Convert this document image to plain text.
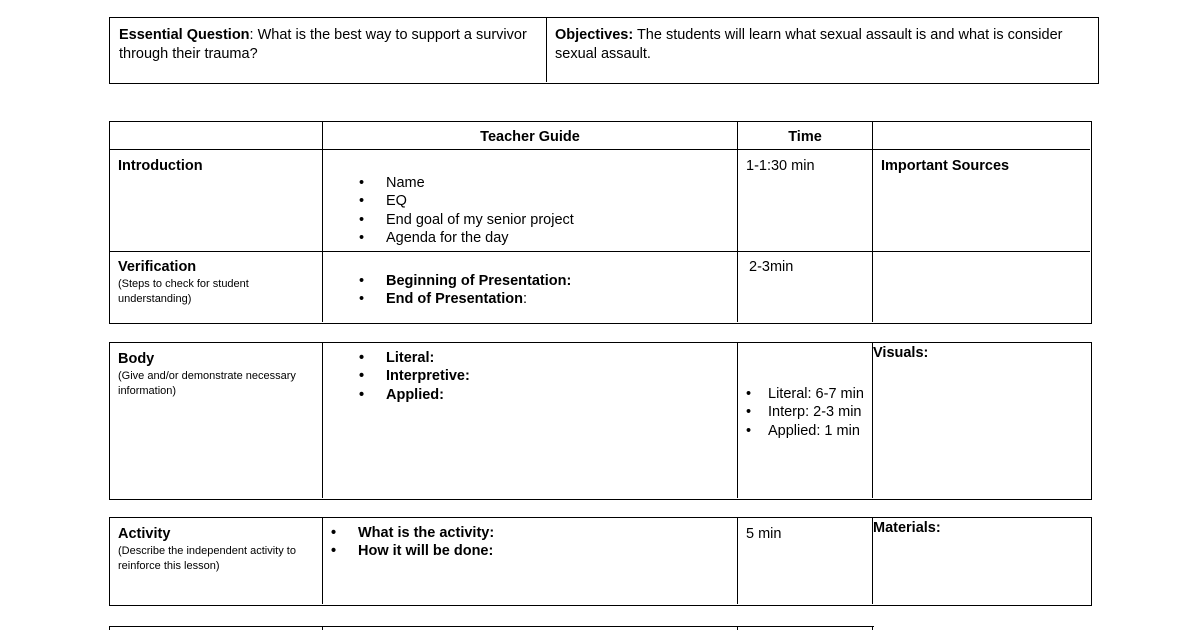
Essential Question: What is the best way to support a survivor through their trauma?
Objectives: The students will learn what sexual assault is and what is consider sexual assault.
Teacher Guide	Time
Introduction
• Name
• EQ
• End goal of my senior project
• Agenda for the day
1-1:30 min	Important Sources
Verification
(Steps to check for student understanding)
• Beginning of Presentation:
• End of Presentation:
2-3min
Body
(Give and/or demonstrate necessary information)
• Literal:
• Interpretive:
• Applied:
•	Literal: 6-7 min
• Interp: 2-3 min
• Applied: 1 min
Visuals:
Activity
(Describe the independent activity to reinforce this lesson)
• What is the activity:
• How it will be done:
5 min	Materials:
